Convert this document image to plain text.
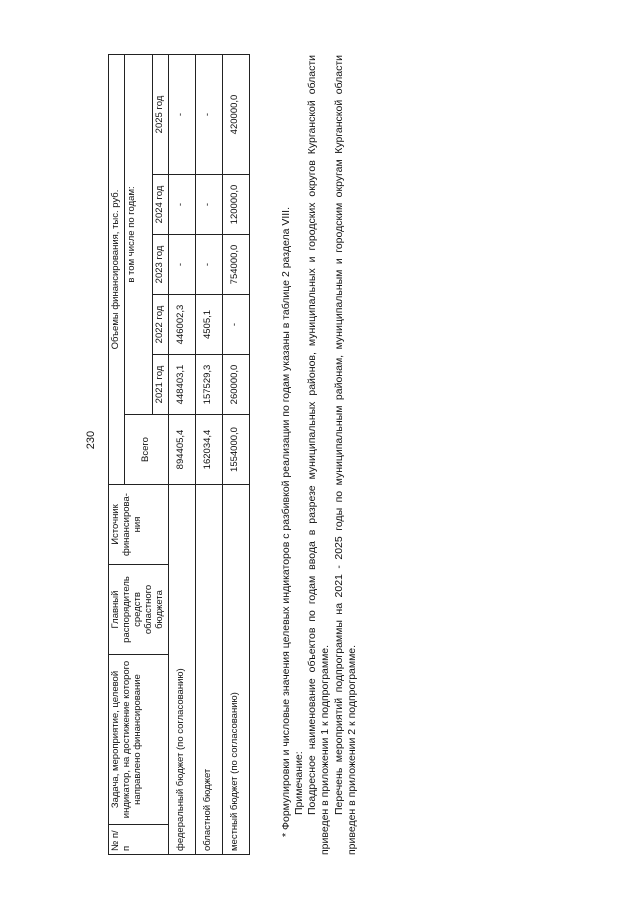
230
№ п/п	Задача, мероприятие, целевой индикатор, на достижение которого направлено финансирование	Главный распорядитель средств областного бюджета	Источник финансирова-ния	Объемы финансирования, тыс. руб.					
				Всего	в том числе по годам:				
					2021 год	2022 год	2023 год	2024 год	2025 год
федеральный бюджет (по согласованию)				894405,4	448403,1	446002,3	-	-	-
областной бюджет				162034,4	157529,3	4505,1	-	-	-
местный бюджет (по согласованию)				1554000,0	260000,0	-	754000,0	120000,0	420000,0

* Формулировки и числовые значения целевых индикаторов с разбивкой реализации по годам указаны в таблице 2 раздела VIII. Примечание: Поадресное наименование объектов по годам ввода в разрезе муниципальных районов, муниципальных и городских округов Курганской области приведен в приложении 1 к подпрограмме. Перечень мероприятий подпрограммы на 2021 - 2025 годы по муниципальным районам, муниципальным и городским округам Курганской области приведен в приложении 2 к подпрограмме.
